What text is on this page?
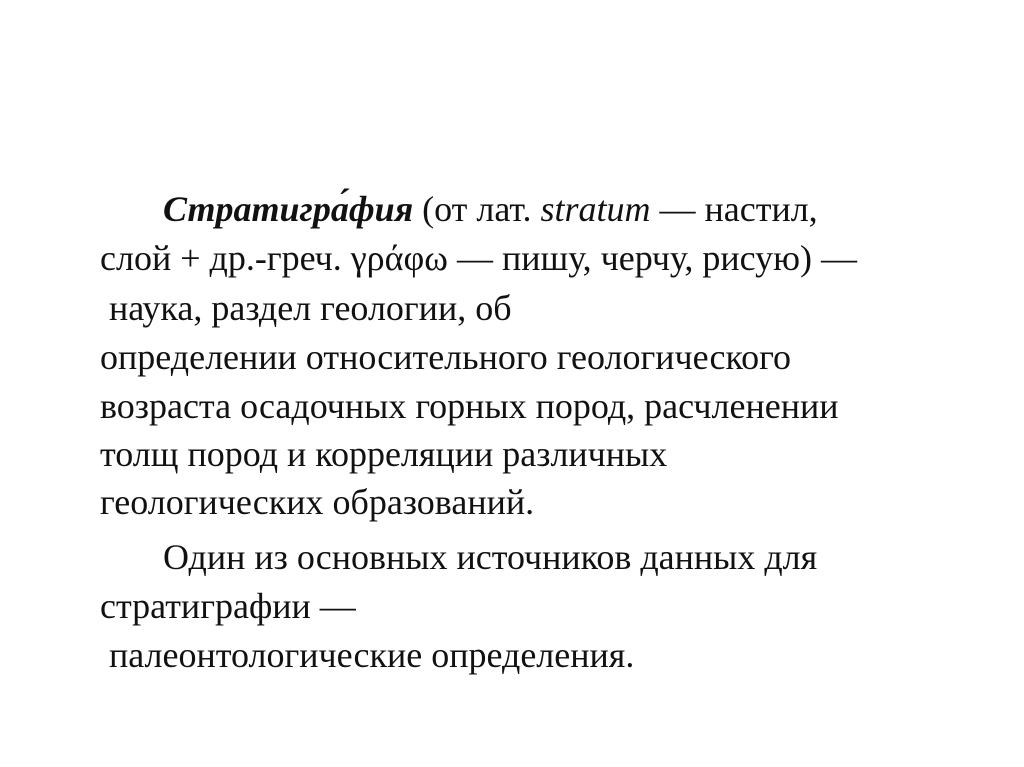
Стратигра́фия (от лат. stratum — настил,
слой + др.-греч. γράφω — пишу, черчу, рисую) —
наука, раздел геологии, об
определении относительного геологического
возраста осадочных горных пород, расчленении
толщ пород и корреляции различных
геологических образований.
Один из основных источников данных для
стратиграфии —
палеонтологические определения.
